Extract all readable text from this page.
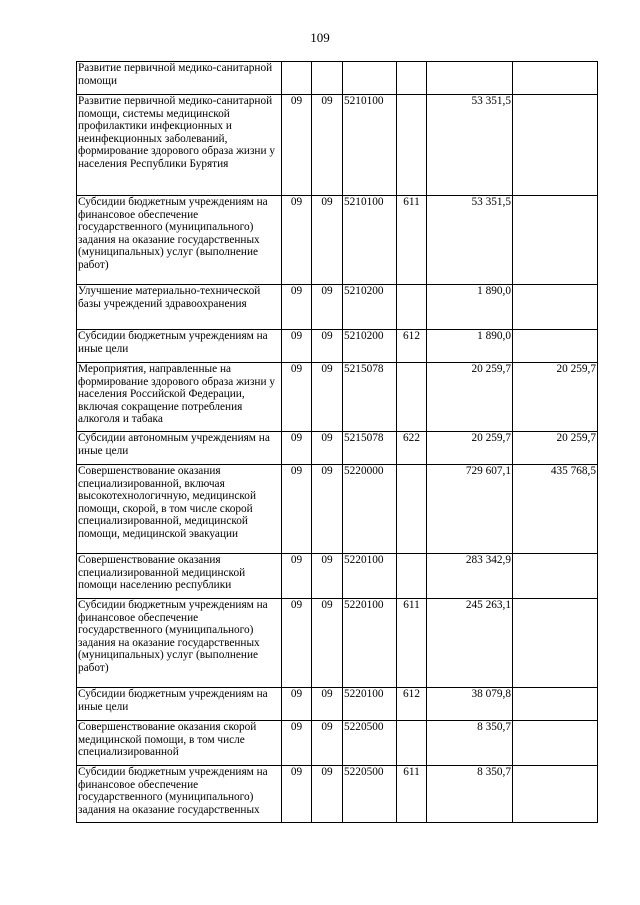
109
Развитие первичной медико-санитарной помощи						
Развитие первичной медико-санитарной помощи, системы медицинской профилактики инфекционных и неинфекционных заболеваний, формирование здорового образа жизни у населения Республики Бурятия	09	09	5210100		53 351,5	
Субсидии бюджетным учреждениям на финансовое обеспечение государственного (муниципального) задания на оказание государственных (муниципальных) услуг (выполнение работ)	09	09	5210100	611	53 351,5	
Улучшение материально-технической базы учреждений здравоохранения	09	09	5210200		1 890,0	
Субсидии бюджетным учреждениям на иные цели	09	09	5210200	612	1 890,0	
Мероприятия, направленные на формирование здорового образа жизни у населения Российской Федерации, включая сокращение потребления алкоголя и табака	09	09	5215078		20 259,7	20 259,7
Субсидии автономным учреждениям на иные цели	09	09	5215078	622	20 259,7	20 259,7
Совершенствование оказания специализированной, включая высокотехнологичную, медицинской помощи, скорой, в том числе скорой специализированной, медицинской помощи, медицинской эвакуации	09	09	5220000		729 607,1	435 768,5
Совершенствование оказания специализированной медицинской помощи населению республики	09	09	5220100		283 342,9	
Субсидии бюджетным учреждениям на финансовое обеспечение государственного (муниципального) задания на оказание государственных (муниципальных) услуг (выполнение работ)	09	09	5220100	611	245 263,1	
Субсидии бюджетным учреждениям на иные цели	09	09	5220100	612	38 079,8	
Совершенствование оказания скорой медицинской помощи, в том числе специализированной	09	09	5220500		8 350,7	
Субсидии бюджетным учреждениям на финансовое обеспечение государственного (муниципального) задания на оказание государственных	09	09	5220500	611	8 350,7	
